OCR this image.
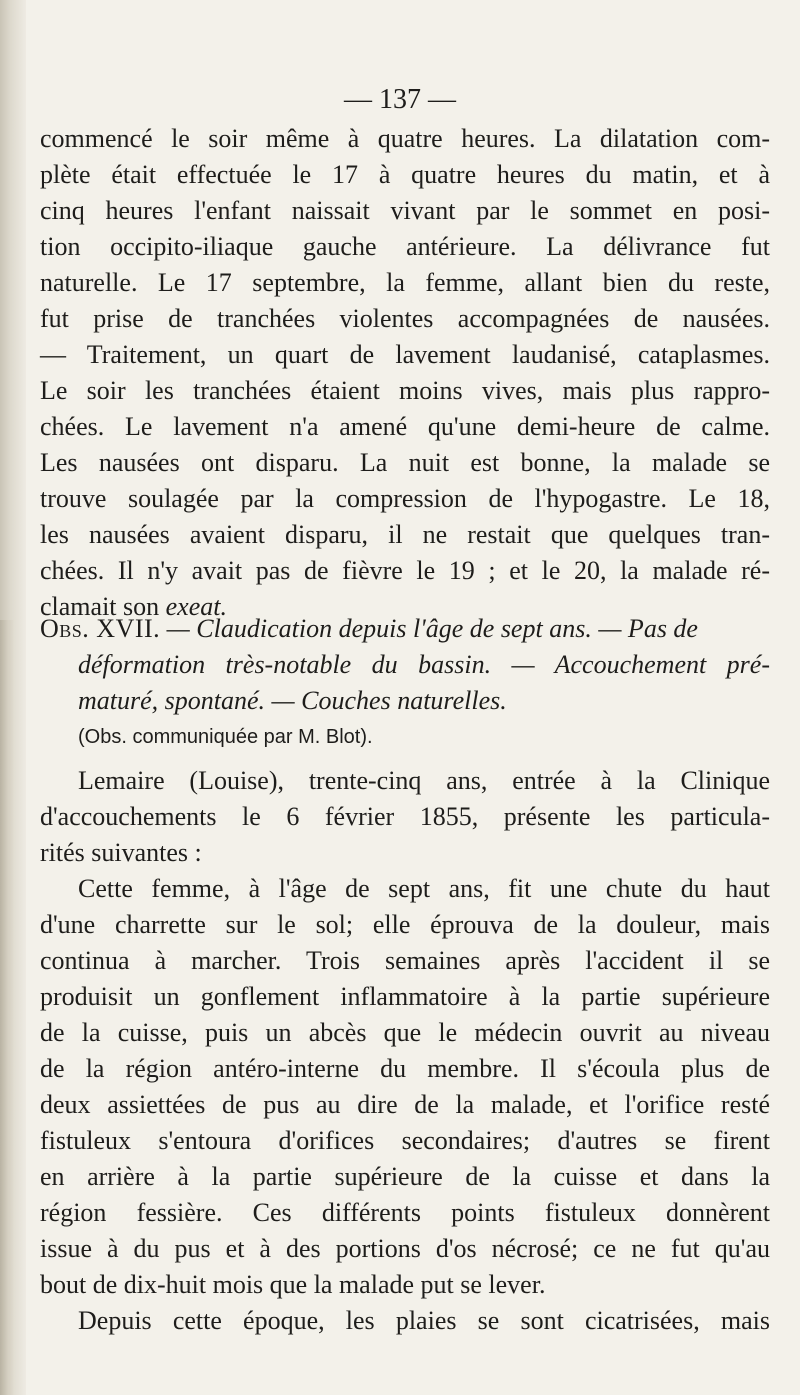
— 137 —
commencé le soir même à quatre heures. La dilatation com-
plète était effectuée le 17 à quatre heures du matin, et à
cinq heures l'enfant naissait vivant par le sommet en posi-
tion occipito-iliaque gauche antérieure. La délivrance fut
naturelle. Le 17 septembre, la femme, allant bien du reste,
fut prise de tranchées violentes accompagnées de nausées.
— Traitement, un quart de lavement laudanisé, cataplasmes.
Le soir les tranchées étaient moins vives, mais plus rappro-
chées. Le lavement n'a amené qu'une demi-heure de calme.
Les nausées ont disparu. La nuit est bonne, la malade se
trouve soulagée par la compression de l'hypogastre. Le 18,
les nausées avaient disparu, il ne restait que quelques tran-
chées. Il n'y avait pas de fièvre le 19 ; et le 20, la malade ré-
clamait son exeat.
Obs. XVII. — Claudication depuis l'âge de sept ans. — Pas de
déformation très-notable du bassin. — Accouchement pré-
maturé, spontané. — Couches naturelles.
(Obs. communiquée par M. Blot).
Lemaire (Louise), trente-cinq ans, entrée à la Clinique
d'accouchements le 6 février 1855, présente les particula-
rités suivantes :
Cette femme, à l'âge de sept ans, fit une chute du haut
d'une charrette sur le sol; elle éprouva de la douleur, mais
continua à marcher. Trois semaines après l'accident il se
produisit un gonflement inflammatoire à la partie supérieure
de la cuisse, puis un abcès que le médecin ouvrit au niveau
de la région antéro-interne du membre. Il s'écoula plus de
deux assiettées de pus au dire de la malade, et l'orifice resté
fistuleux s'entoura d'orifices secondaires; d'autres se firent
en arrière à la partie supérieure de la cuisse et dans la
région fessière. Ces différents points fistuleux donnèrent
issue à du pus et à des portions d'os nécrosé; ce ne fut qu'au
bout de dix-huit mois que la malade put se lever.
Depuis cette époque, les plaies se sont cicatrisées, mais
